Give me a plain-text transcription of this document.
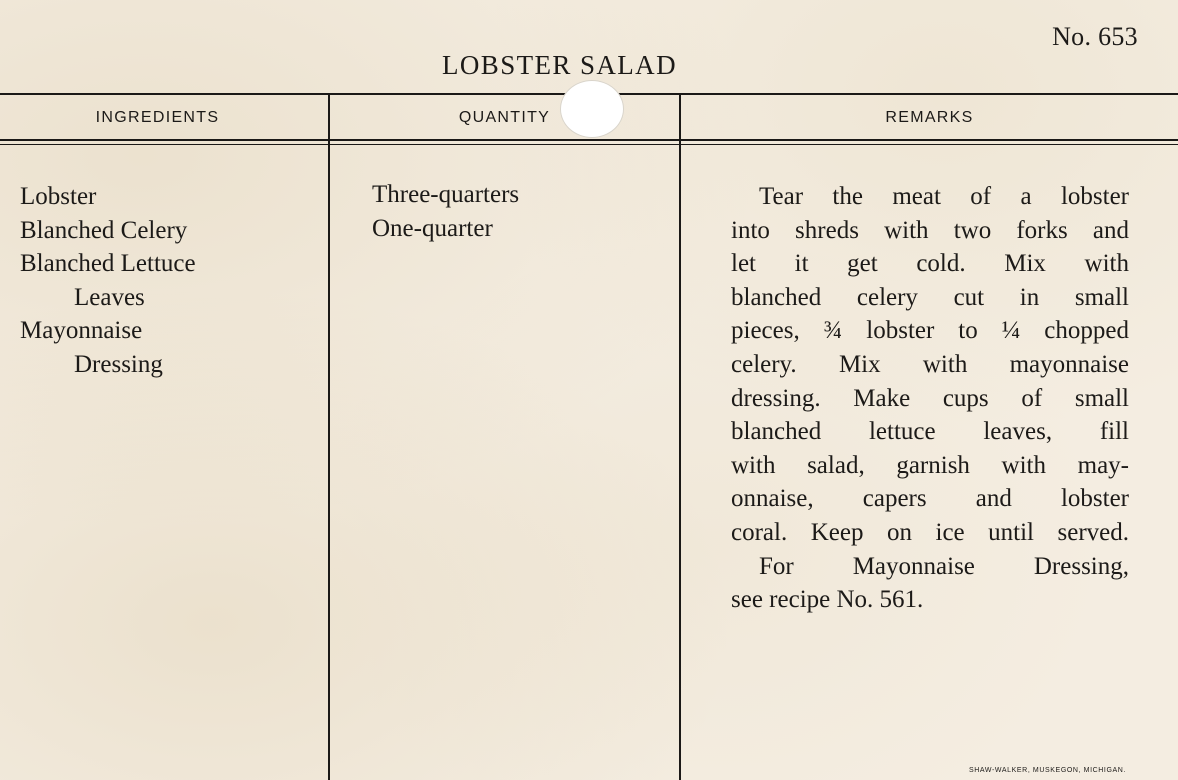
No. 653
LOBSTER SALAD
INGREDIENTS	QUANTITY	REMARKS
Lobster
Blanched Celery
Blanched Lettuce
Leaves
Mayonnaise
Dressing
Three-quarters
One-quarter

Tear the meat of a lobster

into shreds with two forks and

let it get cold. Mix with

blanched celery cut in small

pieces, ¾ lobster to ¼ chopped

celery. Mix with mayonnaise

dressing. Make cups of small

blanched lettuce leaves, fill

with salad, garnish with may-

onnaise, capers and lobster

coral. Keep on ice until served.

For Mayonnaise Dressing,

see recipe No. 561.

SHAW-WALKER, MUSKEGON, MICHIGAN.
